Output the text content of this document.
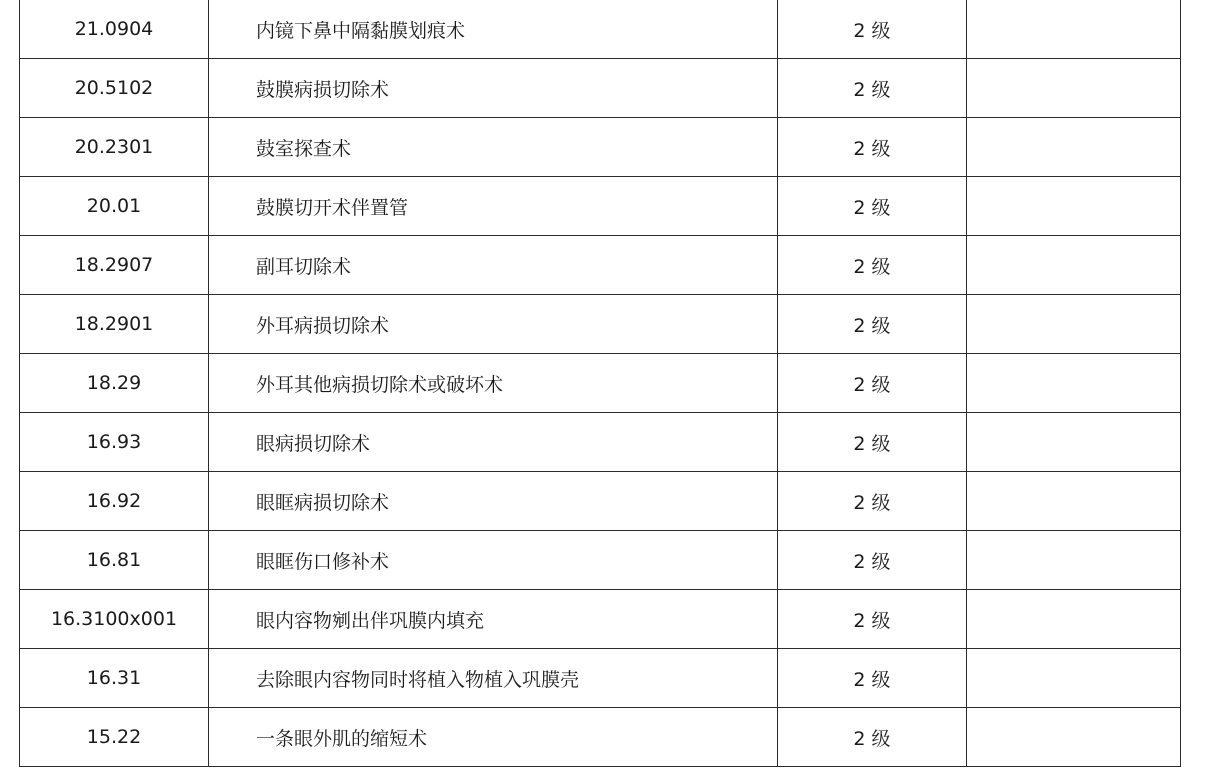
21.0904	内镜下鼻中隔黏膜划痕术	2 级	
20.5102	鼓膜病损切除术	2 级	
20.2301	鼓室探查术	2 级	
20.01	鼓膜切开术伴置管	2 级	
18.2907	副耳切除术	2 级	
18.2901	外耳病损切除术	2 级	
18.29	外耳其他病损切除术或破坏术	2 级	
16.93	眼病损切除术	2 级	
16.92	眼眶病损切除术	2 级	
16.81	眼眶伤口修补术	2 级	
16.3100x001	眼内容物剜出伴巩膜内填充	2 级	
16.31	去除眼内容物同时将植入物植入巩膜壳	2 级	
15.22	一条眼外肌的缩短术	2 级	
